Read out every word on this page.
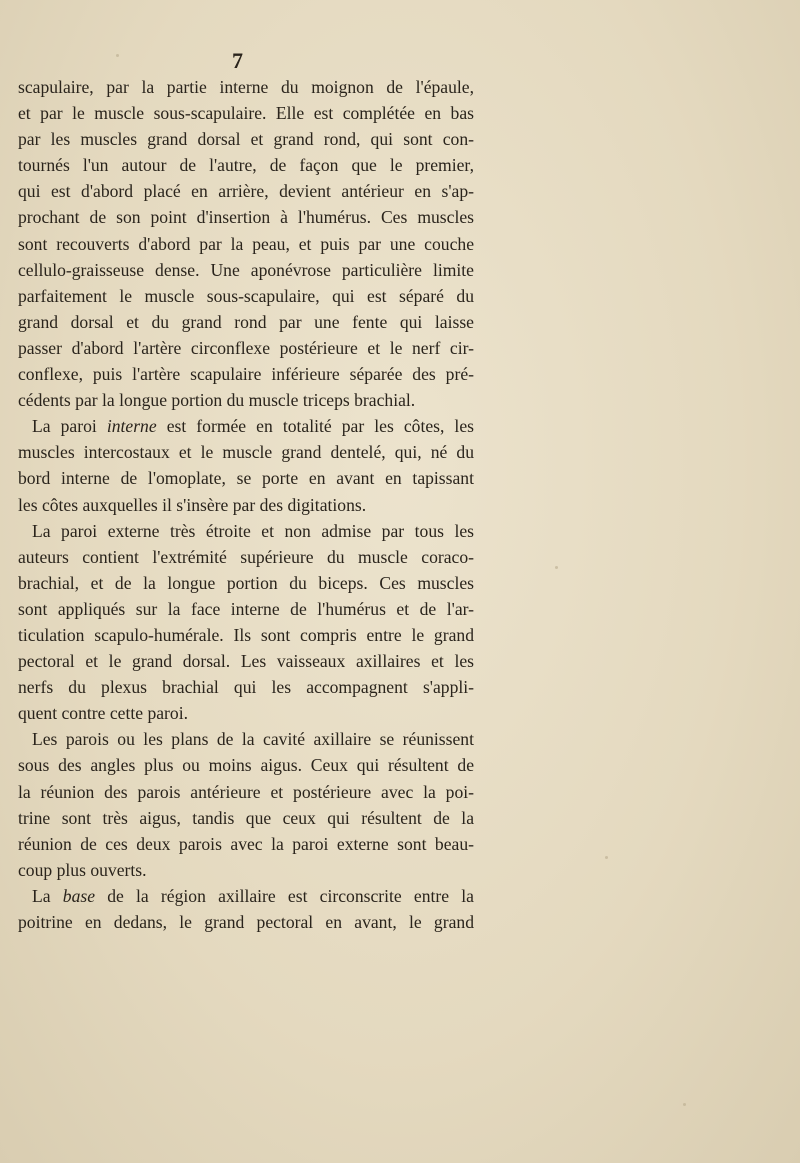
7
scapulaire, par la partie interne du moignon de l'épaule,
et par le muscle sous-scapulaire. Elle est complétée en bas
par les muscles grand dorsal et grand rond, qui sont con-
tournés l'un autour de l'autre, de façon que le premier,
qui est d'abord placé en arrière, devient antérieur en s'ap-
prochant de son point d'insertion à l'humérus. Ces muscles
sont recouverts d'abord par la peau, et puis par une couche
cellulo-graisseuse dense. Une aponévrose particulière limite
parfaitement le muscle sous-scapulaire, qui est séparé du
grand dorsal et du grand rond par une fente qui laisse
passer d'abord l'artère circonflexe postérieure et le nerf cir-
conflexe, puis l'artère scapulaire inférieure séparée des pré-
cédents par la longue portion du muscle triceps brachial.
La paroi interne est formée en totalité par les côtes, les
muscles intercostaux et le muscle grand dentelé, qui, né du
bord interne de l'omoplate, se porte en avant en tapissant
les côtes auxquelles il s'insère par des digitations.
La paroi externe très étroite et non admise par tous les
auteurs contient l'extrémité supérieure du muscle coraco-
brachial, et de la longue portion du biceps. Ces muscles
sont appliqués sur la face interne de l'humérus et de l'ar-
ticulation scapulo-humérale. Ils sont compris entre le grand
pectoral et le grand dorsal. Les vaisseaux axillaires et les
nerfs du plexus brachial qui les accompagnent s'appli-
quent contre cette paroi.
Les parois ou les plans de la cavité axillaire se réunissent
sous des angles plus ou moins aigus. Ceux qui résultent de
la réunion des parois antérieure et postérieure avec la poi-
trine sont très aigus, tandis que ceux qui résultent de la
réunion de ces deux parois avec la paroi externe sont beau-
coup plus ouverts.
La base de la région axillaire est circonscrite entre la
poitrine en dedans, le grand pectoral en avant, le grand
